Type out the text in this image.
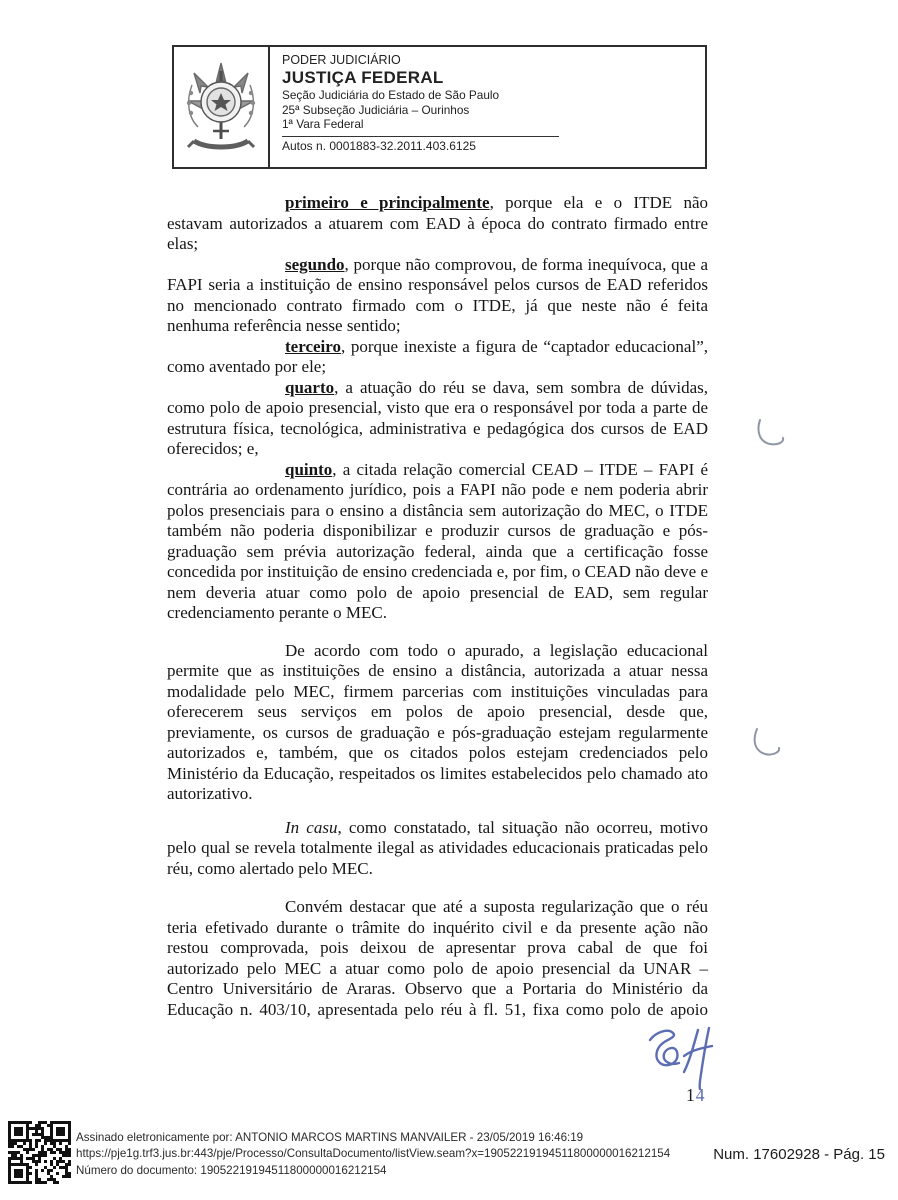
PODER JUDICIÁRIO
JUSTIÇA FEDERAL
Seção Judiciária do Estado de São Paulo
25ª Subseção Judiciária – Ourinhos
1ª Vara Federal
Autos n. 0001883-32.2011.403.6125

primeiro e principalmente, porque ela e o ITDE não estavam autorizados a atuarem com EAD à época do contrato firmado entre elas;

segundo, porque não comprovou, de forma inequívoca, que a FAPI seria a instituição de ensino responsável pelos cursos de EAD referidos no mencionado contrato firmado com o ITDE, já que neste não é feita nenhuma referência nesse sentido;

terceiro, porque inexiste a figura de “captador educacional”, como aventado por ele;

quarto, a atuação do réu se dava, sem sombra de dúvidas, como polo de apoio presencial, visto que era o responsável por toda a parte de estrutura física, tecnológica, administrativa e pedagógica dos cursos de EAD oferecidos; e,

quinto, a citada relação comercial CEAD – ITDE – FAPI é contrária ao ordenamento jurídico, pois a FAPI não pode e nem poderia abrir polos presenciais para o ensino a distância sem autorização do MEC, o ITDE também não poderia disponibilizar e produzir cursos de graduação e pós-graduação sem prévia autorização federal, ainda que a certificação fosse concedida por instituição de ensino credenciada e, por fim, o CEAD não deve e nem deveria atuar como polo de apoio presencial de EAD, sem regular credenciamento perante o MEC.

De acordo com todo o apurado, a legislação educacional permite que as instituições de ensino a distância, autorizada a atuar nessa modalidade pelo MEC, firmem parcerias com instituições vinculadas para oferecerem seus serviços em polos de apoio presencial, desde que, previamente, os cursos de graduação e pós-graduação estejam regularmente autorizados e, também, que os citados polos estejam credenciados pelo Ministério da Educação, respeitados os limites estabelecidos pelo chamado ato autorizativo.

In casu, como constatado, tal situação não ocorreu, motivo pelo qual se revela totalmente ilegal as atividades educacionais praticadas pelo réu, como alertado pelo MEC.

Convém destacar que até a suposta regularização que o réu teria efetivado durante o trâmite do inquérito civil e da presente ação não restou comprovada, pois deixou de apresentar prova cabal de que foi autorizado pelo MEC a atuar como polo de apoio presencial da UNAR – Centro Universitário de Araras. Observo que a Portaria do Ministério da Educação n. 403/10, apresentada pelo réu à fl. 51, fixa como polo de apoio

14
Assinado eletronicamente por: ANTONIO MARCOS MARTINS MANVAILER - 23/05/2019 16:46:19
https://pje1g.trf3.jus.br:443/pje/Processo/ConsultaDocumento/listView.seam?x=19052219194511800000016212154
Número do documento: 19052219194511800000016212154
Num. 17602928 - Pág. 15
